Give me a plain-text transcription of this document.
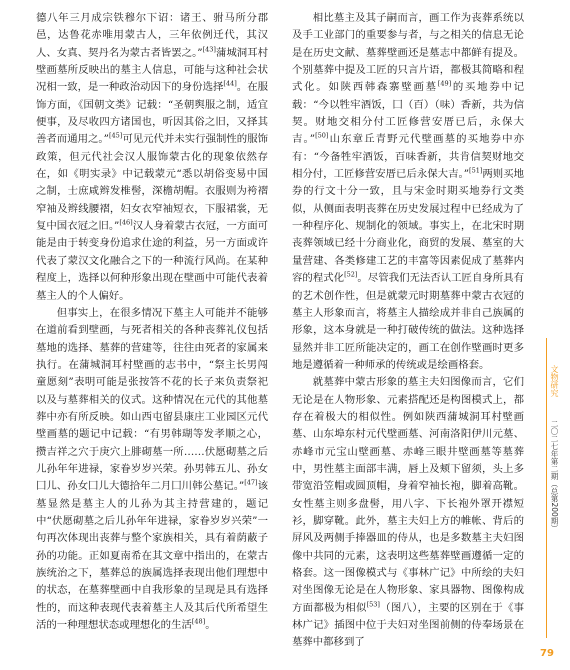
德八年三月成宗铁穆尔下诏：诸王、驸马所分郡邑，达鲁花赤唯用蒙古人，三年依例迁代，其汉人、女真、契丹名为蒙古者皆罢之。”[43]蒲城洞耳村壁画墓所反映出的墓主人信息，可能与这种社会状况相一致，是一种政治动因下的身份选择[44]。在服饰方面，《国朝文类》记载：“圣朝舆服之制，适宜便事，及尽收四方诸国也，听因其俗之旧，又择其善者而通用之。”[45]可见元代并未实行强制性的服饰政策，但元代社会汉人服饰蒙古化的现象依然存在，如《明实录》中记载蒙元“悉以胡俗变易中国之制，士庶咸辫发椎髻，深檐胡帽。衣服则为袴褶窄袖及辫线腰褶，妇女衣窄袖短衣，下服裙裳，无复中国衣冠之旧。”[46]汉人身着蒙古衣冠，一方面可能是由于转变身份追求仕途的利益，另一方面或许代表了蒙汉文化融合之下的一种流行风尚。在某种程度上，选择以何种形象出现在壁画中可能代表着墓主人的个人偏好。

但事实上，在很多情况下墓主人可能并不能够在道前看到壁画，与死者相关的各种丧葬礼仪包括墓地的选择、墓葬的营建等，往往由死者的家属来执行。在蒲城洞耳村壁画的志书中，“祭主长男闯童愿刻”表明可能是张按答不花的长子来负责祭祀以及与墓葬相关的仪式。这种情况在元代的其他墓葬中亦有所反映。如山西屯留县康庄工业园区元代壁画墓的题记中记载：“有男韩瑚等发孝顺之心，攒吉祥之穴于庚穴上腓砌墓一所……伏愿砌墓之后儿孙年年进禄，家眷岁岁兴荣。孙男韩五儿、孙女囗儿、孙女囗儿大德拾年二月囗川韩公墓记。”[47]该墓显然是墓主人的儿孙为其主持营建的，题记中“伏愿砌墓之后儿孙年年进禄，家眷岁岁兴荣”一句再次体现出丧葬与整个家族相关，具有着荫蔽子孙的功能。正如夏南希在其文章中指出的，在蒙古族统治之下，墓葬总的族属选择表现出他们理想中的状态，在墓葬壁画中自我形象的呈现是具有选择性的，而这种表现代表着墓主人及其后代所希望生活的一种理想状态或理想化的生活[48]。

相比墓主及其子嗣而言，画工作为丧葬系统以及手工业部门的重要参与者，与之相关的信息无论是在历史文献、墓葬壁画还是墓志中都鲜有提及。个别墓葬中提及工匠的只言片语，都极其简略和程式化。如陕西韩森寨壁画墓[49]的买地券中记载：“今以牲牢酒饭，囗（百）（味）香新，共为信契。财地交相分付工匠修营安厝已后，永保大吉。”[50]山东章丘青野元代壁画墓的买地券中亦有：“今备牲牢酒饭，百味香新，共肯信契财地交相分付，工匠修营安厝已后永保大吉。”[51]两则买地券的行文十分一致，且与宋金时期买地券行文类似，从侧面表明丧葬在历史发展过程中已经成为了一种程序化、规制化的领域。事实上，在北宋时期丧葬领域已经十分商业化，商贸的发展、墓室的大量营建、各类修建工艺的丰富等因素促成了墓葬内容的程式化[52]。尽管我们无法否认工匠自身所具有的艺术创作性，但是就蒙元时期墓葬中蒙古衣冠的墓主人形象而言，将墓主人描绘成并非自己族属的形象，这本身就是一种打破传统的做法。这种选择显然并非工匠所能决定的，画工在创作壁画时更多地是遵循着一种师承的传统或是绘画格套。

就墓葬中蒙古形象的墓主夫妇图像而言，它们无论是在人物形象、元素搭配还是构图模式上，都存在着极大的相似性。例如陕西蒲城洞耳村壁画墓、山东埠东村元代壁画墓、河南洛阳伊川元墓、赤峰市元宝山壁画墓、赤峰三眼井壁画墓等墓葬中，男性墓主面部丰满，唇上及颊下留须，头上多带宽沿笠帽或圆顶帽，身着窄袖长袍，脚着高靴。女性墓主则多盘髻，用八字、下长袍外罩开襟短衫，脚穿靴。此外，墓主夫妇上方的帷帐、背后的屏风及两侧手捧器皿的侍从，也是多数墓主夫妇图像中共同的元素，这表明这些墓葬壁画遵循一定的格套。这一图像模式与《事林广记》中所绘的夫妇对坐图像无论是在人物形象、家具器物、图像构成方面都极为相似[53]（图八），主要的区别在于《事林广记》插图中位于夫妇对坐图前侧的侍奉场景在墓葬中都移到了

文物研究
二〇二七年第二期（总第200期）
79
